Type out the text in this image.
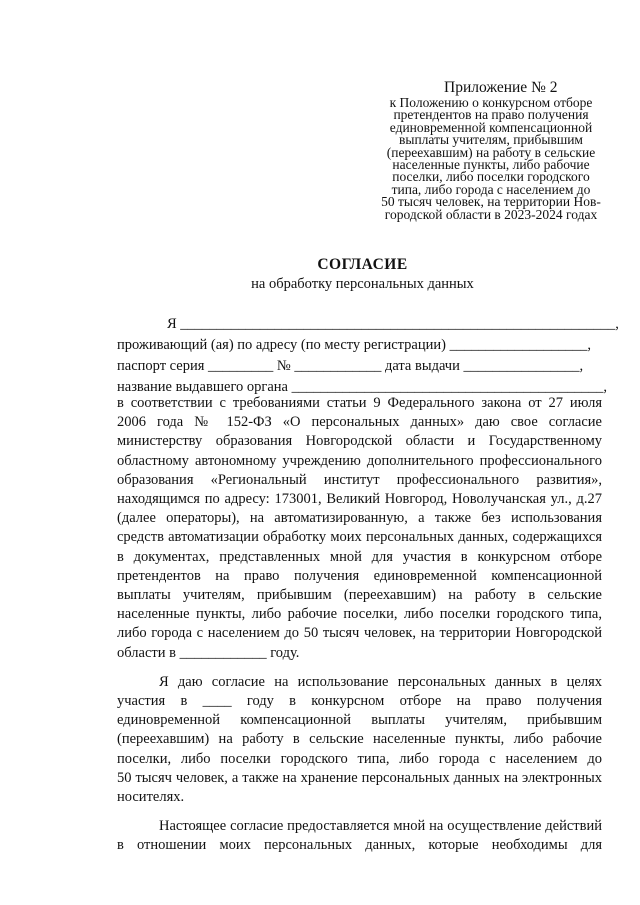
Приложение № 2
к Положению о конкурсном отборе
претендентов на право получения
единовременной компенсационной
выплаты учителям, прибывшим
(переехавшим) на работу в сельские
населенные пункты, либо рабочие
поселки, либо поселки городского
типа, либо города с населением до
50 тысяч человек, на территории Нов-
городской области в 2023-2024 годах
СОГЛАСИЕ
на обработку персональных данных
Я ____________________________________________________________,
проживающий (ая) по адресу (по месту регистрации) ___________________,
паспорт серия _________ № ____________ дата выдачи ________________,
название выдавшего органа ___________________________________________,
в соответствии с требованиями статьи 9 Федерального закона от 27 июля
2006 года № 152-ФЗ «О персональных данных» даю свое согласие
министерству образования Новгородской области и Государственному
областному автономному учреждению дополнительного профессионального
образования «Региональный институт профессионального развития»,
находящимся по адресу: 173001, Великий Новгород, Новолучанская ул., д.27
(далее операторы), на автоматизированную, а также без использования
средств автоматизации обработку моих персональных данных, содержащихся
в документах, представленных мной для участия в конкурсном отборе
претендентов на право получения единовременной компенсационной
выплаты учителям, прибывшим (переехавшим) на работу в сельские
населенные пункты, либо рабочие поселки, либо поселки городского типа,
либо города с населением до 50 тысяч человек, на территории Новгородской
области в ____________ году.
Я даю согласие на использование персональных данных в целях
участия в ____ году в конкурсном отборе на право получения
единовременной компенсационной выплаты учителям, прибывшим
(переехавшим) на работу в сельские населенные пункты, либо рабочие
поселки, либо поселки городского типа, либо города с населением до
50 тысяч человек, а также на хранение персональных данных на электронных
носителях.
Настоящее согласие предоставляется мной на осуществление действий
в отношении моих персональных данных, которые необходимы для
